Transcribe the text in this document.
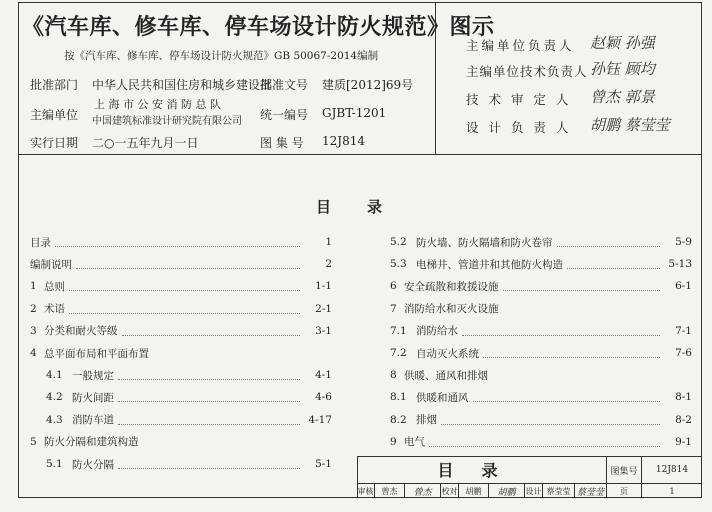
《汽车库、修车库、停车场设计防火规范》图示
按《汽车库、修车库、停车场设计防火规范》GB 50067-2014编制
批准部门 中华人民共和国住房和城乡建设部
批准文号 建质[2012]69号
主编单位
上 海 市 公 安 消 防 总 队
中国建筑标准设计研究院有限公司 统一编号 GJBT-1201
实行日期 二○一五年九月一日	图 集 号 12J814
主编单位负责人 赵颖 孙强
主编单位技术负责人 孙钰 顾均
技 术 审 定 人 曾杰 郭景
设 计 负 责 人 胡鹏 蔡莹莹
目　　录
目录	1
编制说明	2
1 总则	1-1
2 术语	2-1
3 分类和耐火等级	3-1
4 总平面布局和平面布置
4.1 一般规定	4-1
4.2 防火间距	4-6
4.3 消防车道	4-17
5 防火分隔和建筑构造
5.1 防火分隔	5-1
5.2 防火墙、防火隔墙和防火卷帘	5-9
5.3 电梯井、管道井和其他防火构造	5-13
6 安全疏散和救援设施	6-1
7 消防给水和灭火设施
7.1 消防给水	7-1
7.2 自动灭火系统	7-6
8 供暖、通风和排烟
8.1 供暖和通风	8-1
8.2 排烟	8-2
9 电气	9-1
目录	图集号	12J814
审核	曾杰	曾杰	校对	胡鹏	胡鹏	设计 蔡莹莹 蔡莹莹	页	1
